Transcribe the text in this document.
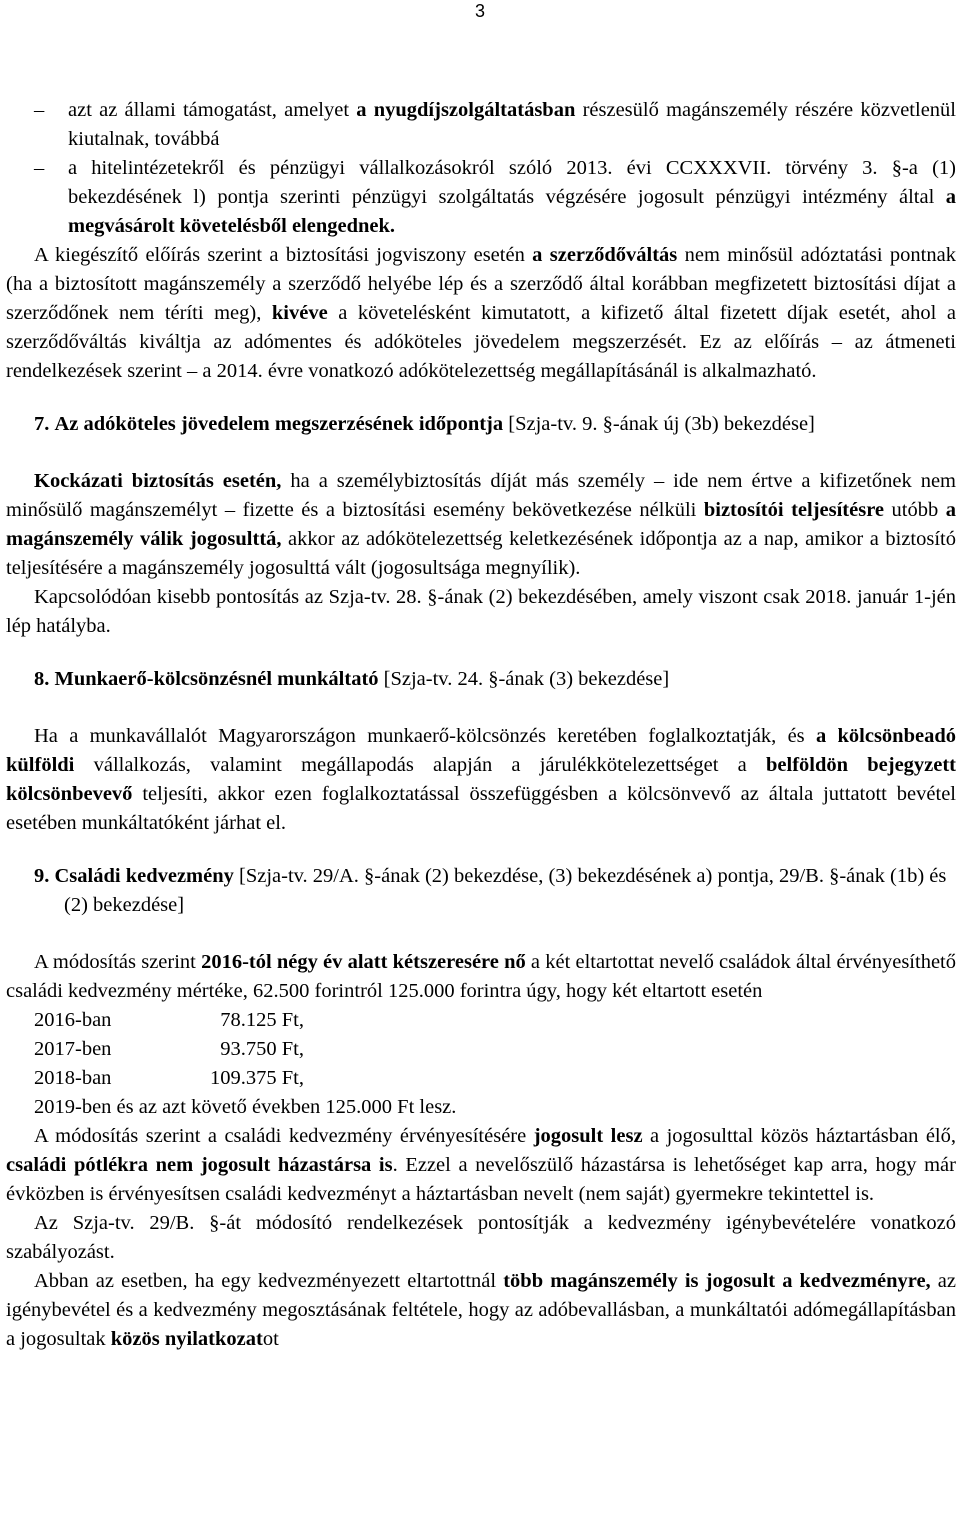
3
– azt az állami támogatást, amelyet a nyugdíjszolgáltatásban részesülő magánszemély részére közvetlenül kiutalnak, továbbá
– a hitelintézetekről és pénzügyi vállalkozásokról szóló 2013. évi CCXXXVII. törvény 3. §-a (1) bekezdésének l) pontja szerinti pénzügyi szolgáltatás végzésére jogosult pénzügyi intézmény által a megvásárolt követelésből elengednek.

A kiegészítő előírás szerint a biztosítási jogviszony esetén a szerződőváltás nem minősül adóztatási pontnak (ha a biztosított magánszemély a szerződő helyébe lép és a szerződő által korábban megfizetett biztosítási díjat a szerződőnek nem téríti meg), kivéve a követelésként kimutatott, a kifizető által fizetett díjak esetét, ahol a szerződőváltás kiváltja az adómentes és adóköteles jövedelem megszerzését. Ez az előírás – az átmeneti rendelkezések szerint – a 2014. évre vonatkozó adókötelezettség megállapításánál is alkalmazható.

7. Az adóköteles jövedelem megszerzésének időpontja [Szja-tv. 9. §-ának új (3b) bekezdése]

Kockázati biztosítás esetén, ha a személybiztosítás díját más személy – ide nem értve a kifizetőnek nem minősülő magánszemélyt – fizette és a biztosítási esemény bekövetkezése nélküli biztosítói teljesítésre utóbb a magánszemély válik jogosulttá, akkor az adókötelezettség keletkezésének időpontja az a nap, amikor a biztosító teljesítésére a magánszemély jogosulttá vált (jogosultsága megnyílik).

Kapcsolódóan kisebb pontosítás az Szja-tv. 28. §-ának (2) bekezdésében, amely viszont csak 2018. január 1-jén lép hatályba.

8. Munkaerő-kölcsönzésnél munkáltató [Szja-tv. 24. §-ának (3) bekezdése]

Ha a munkavállalót Magyarországon munkaerő-kölcsönzés keretében foglalkoztatják, és a kölcsönbeadó külföldi vállalkozás, valamint megállapodás alapján a járulékkötelezettséget a belföldön bejegyzett kölcsönbevevő teljesíti, akkor ezen foglalkoztatással összefüggésben a kölcsönvevő az általa juttatott bevétel esetében munkáltatóként járhat el.

9. Családi kedvezmény [Szja-tv. 29/A. §-ának (2) bekezdése, (3) bekezdésének a) pontja, 29/B. §-ának (1b) és (2) bekezdése]

A módosítás szerint 2016-tól négy év alatt kétszeresére nő a két eltartottat nevelő családok által érvényesíthető családi kedvezmény mértéke, 62.500 forintról 125.000 forintra úgy, hogy két eltartott esetén

2016-ban	78.125 Ft,
2017-ben	93.750 Ft,
2018-ban	109.375 Ft,
2019-ben és az azt követő években 125.000 Ft lesz.

A módosítás szerint a családi kedvezmény érvényesítésére jogosult lesz a jogosulttal közös háztartásban élő, családi pótlékra nem jogosult házastársa is. Ezzel a nevelőszülő házastársa is lehetőséget kap arra, hogy már évközben is érvényesítsen családi kedvezményt a háztartásban nevelt (nem saját) gyermekre tekintettel is.

Az Szja-tv. 29/B. §-át módosító rendelkezések pontosítják a kedvezmény igénybevételére vonatkozó szabályozást.

Abban az esetben, ha egy kedvezményezett eltartottnál több magánszemély is jogosult a kedvezményre, az igénybevétel és a kedvezmény megosztásának feltétele, hogy az adóbevallásban, a munkáltatói adómegállapításban a jogosultak közös nyilatkozatot
